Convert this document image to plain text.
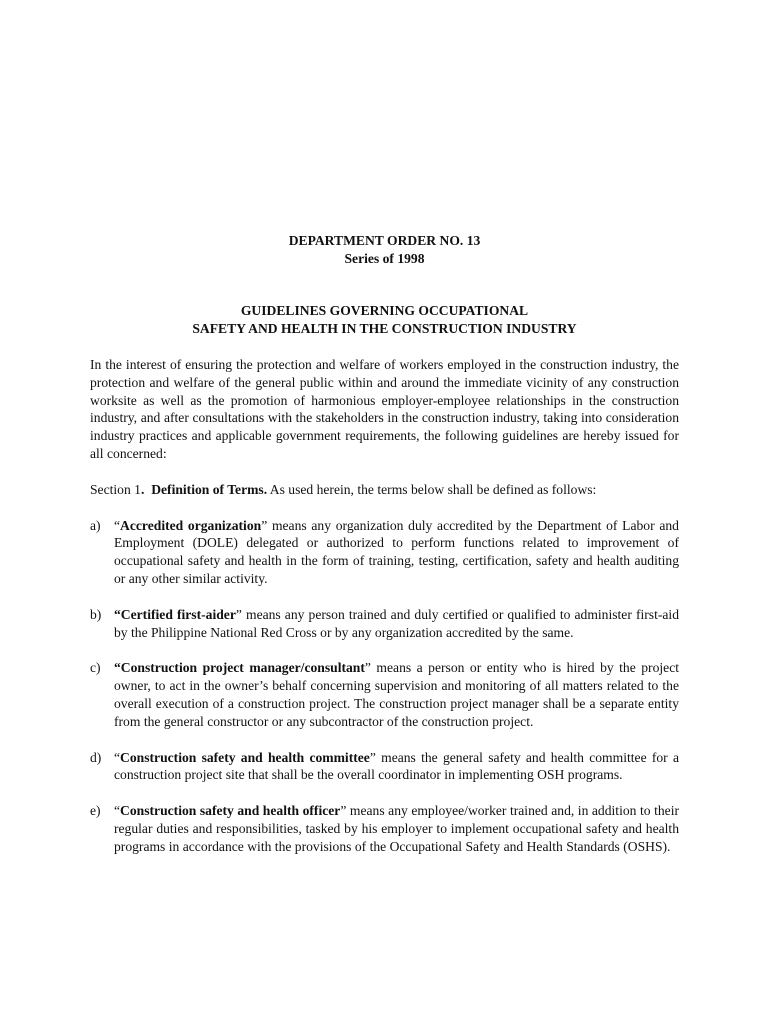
DEPARTMENT ORDER NO. 13
Series of 1998
GUIDELINES GOVERNING OCCUPATIONAL
SAFETY AND HEALTH IN THE CONSTRUCTION INDUSTRY

In the interest of ensuring the protection and welfare of workers employed in the construction industry, the protection and welfare of the general public within and around the immediate vicinity of any construction worksite as well as the promotion of harmonious employer-employee relationships in the construction industry, and after consultations with the stakeholders in the construction industry, taking into consideration industry practices and applicable government requirements, the following guidelines are hereby issued for all concerned:

Section 1. Definition of Terms. As used herein, the terms below shall be defined as follows:

a) “Accredited organization” means any organization duly accredited by the Department of Labor and Employment (DOLE) delegated or authorized to perform functions related to improvement of occupational safety and health in the form of training, testing, certification, safety and health auditing or any other similar activity.
b) “Certified first-aider” means any person trained and duly certified or qualified to administer first-aid by the Philippine National Red Cross or by any organization accredited by the same.
c) “Construction project manager/consultant” means a person or entity who is hired by the project owner, to act in the owner’s behalf concerning supervision and monitoring of all matters related to the overall execution of a construction project. The construction project manager shall be a separate entity from the general constructor or any subcontractor of the construction project.
d) “Construction safety and health committee” means the general safety and health committee for a construction project site that shall be the overall coordinator in implementing OSH programs.
e) “Construction safety and health officer” means any employee/worker trained and, in addition to their regular duties and responsibilities, tasked by his employer to implement occupational safety and health programs in accordance with the provisions of the Occupational Safety and Health Standards (OSHS).
